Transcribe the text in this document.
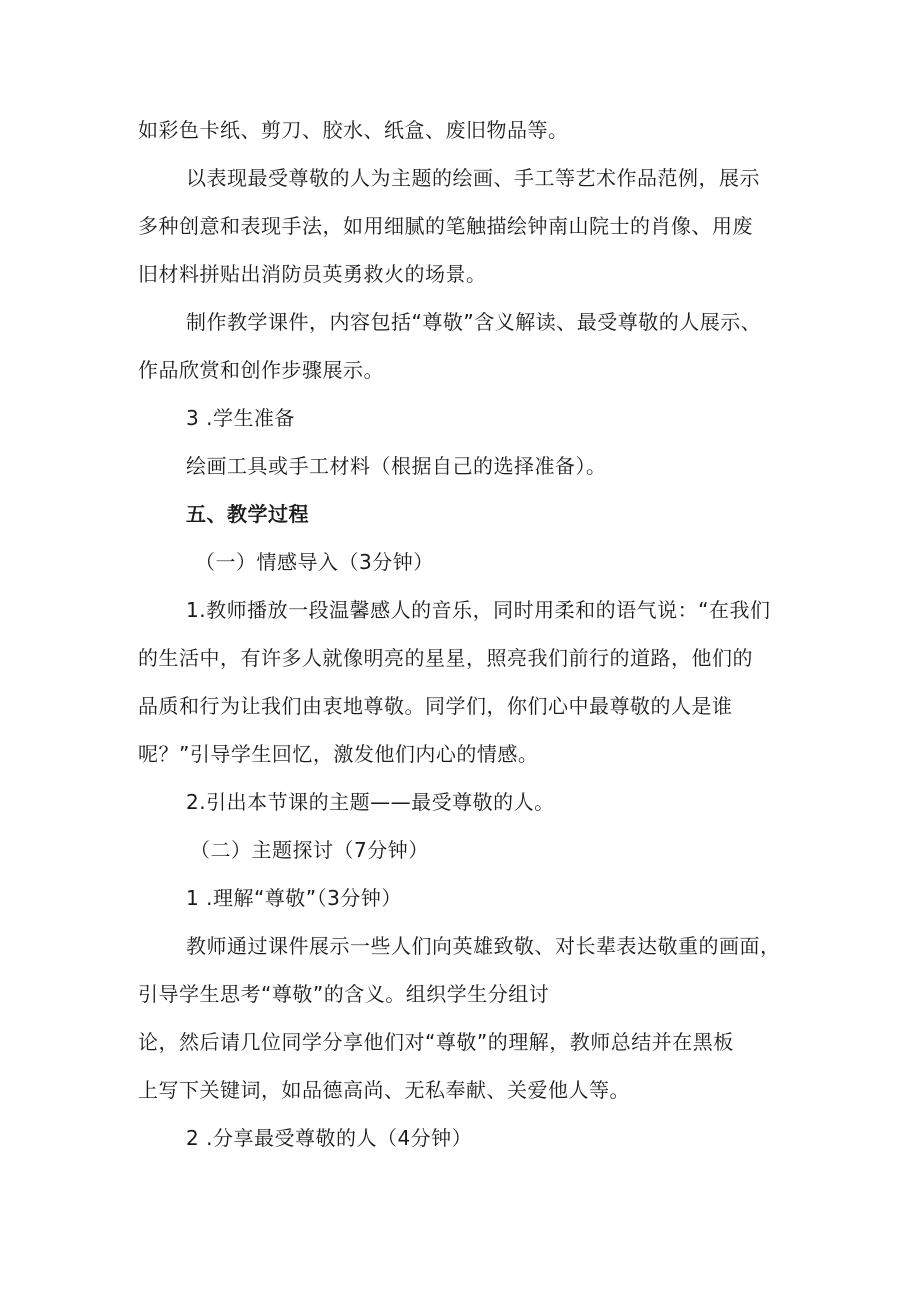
如彩色卡纸、剪刀、胶水、纸盒、废旧物品等。
以表现最受尊敬的人为主题的绘画、手工等艺术作品范例，展示
多种创意和表现手法，如用细腻的笔触描绘钟南山院士的肖像、用废
旧材料拼贴出消防员英勇救火的场景。
制作教学课件，内容包括“尊敬”含义解读、最受尊敬的人展示、
作品欣赏和创作步骤展示。
3 .学生准备
绘画工具或手工材料（根据自己的选择准备）。
五、教学过程
（一）情感导入（3分钟）
1.教师播放一段温馨感人的音乐，同时用柔和的语气说：“在我们
的生活中，有许多人就像明亮的星星，照亮我们前行的道路，他们的
品质和行为让我们由衷地尊敬。同学们，你们心中最尊敬的人是谁
呢？”引导学生回忆，激发他们内心的情感。
2.引出本节课的主题——最受尊敬的人。
（二）主题探讨（7分钟）
1 .理解“尊敬”（3分钟）
教师通过课件展示一些人们向英雄致敬、对长辈表达敬重的画面，
引导学生思考“尊敬”的含义。组织学生分组讨
论，然后请几位同学分享他们对“尊敬”的理解，教师总结并在黑板
上写下关键词，如品德高尚、无私奉献、关爱他人等。
2 .分享最受尊敬的人（4分钟）
